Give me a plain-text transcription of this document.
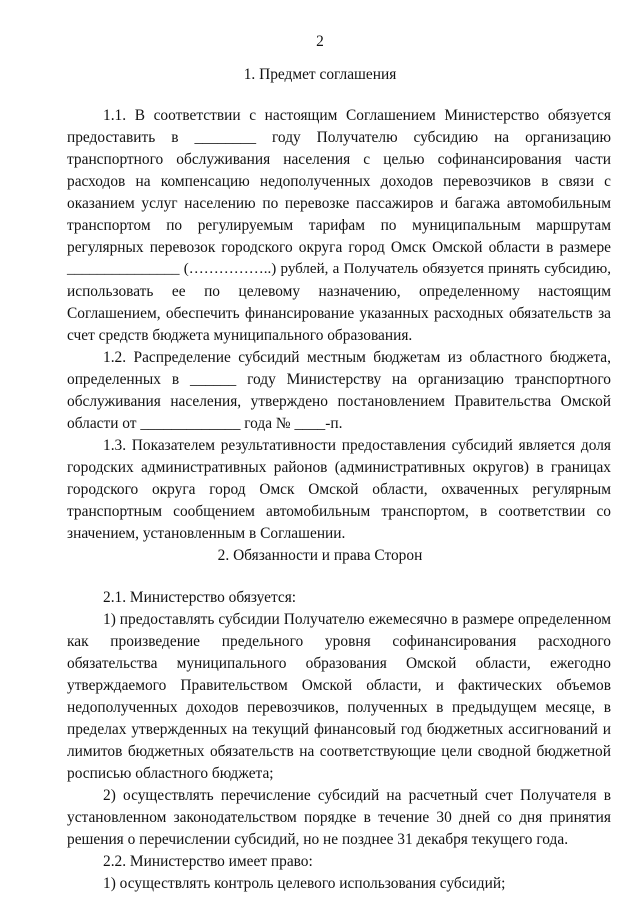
2
1. Предмет соглашения
1.1. В соответствии с настоящим Соглашением Министерство обязуется
предоставить в ________ году Получателю субсидию на организацию
транспортного обслуживания населения с целью софинансирования части
расходов на компенсацию недополученных доходов перевозчиков в связи с
оказанием услуг населению по перевозке пассажиров и багажа автомобильным
транспортом по регулируемым тарифам по муниципальным маршрутам
регулярных перевозок городского округа город Омск Омской области в размере
_______________ (……………..) рублей, а Получатель обязуется принять субсидию,
использовать ее по целевому назначению, определенному настоящим
Соглашением, обеспечить финансирование указанных расходных обязательств за
счет средств бюджета муниципального образования.
1.2. Распределение субсидий местным бюджетам из областного бюджета,
определенных в ______ году Министерству на организацию транспортного
обслуживания населения, утверждено постановлением Правительства Омской
области от _____________ года № ____-п.
1.3. Показателем результативности предоставления субсидий является доля
городских административных районов (административных округов) в границах
городского округа город Омск Омской области, охваченных регулярным
транспортным сообщением автомобильным транспортом, в соответствии со
значением, установленным в Соглашении.
2. Обязанности и права Сторон
2.1. Министерство обязуется:
1) предоставлять субсидии Получателю ежемесячно в размере определенном
как произведение предельного уровня софинансирования расходного
обязательства муниципального образования Омской области, ежегодно
утверждаемого Правительством Омской области, и фактических объемов
недополученных доходов перевозчиков, полученных в предыдущем месяце, в
пределах утвержденных на текущий финансовый год бюджетных ассигнований и
лимитов бюджетных обязательств на соответствующие цели сводной бюджетной
росписью областного бюджета;
2) осуществлять перечисление субсидий на расчетный счет Получателя в
установленном законодательством порядке в течение 30 дней со дня принятия
решения о перечислении субсидий, но не позднее 31 декабря текущего года.
2.2. Министерство имеет право:
1) осуществлять контроль целевого использования субсидий;
